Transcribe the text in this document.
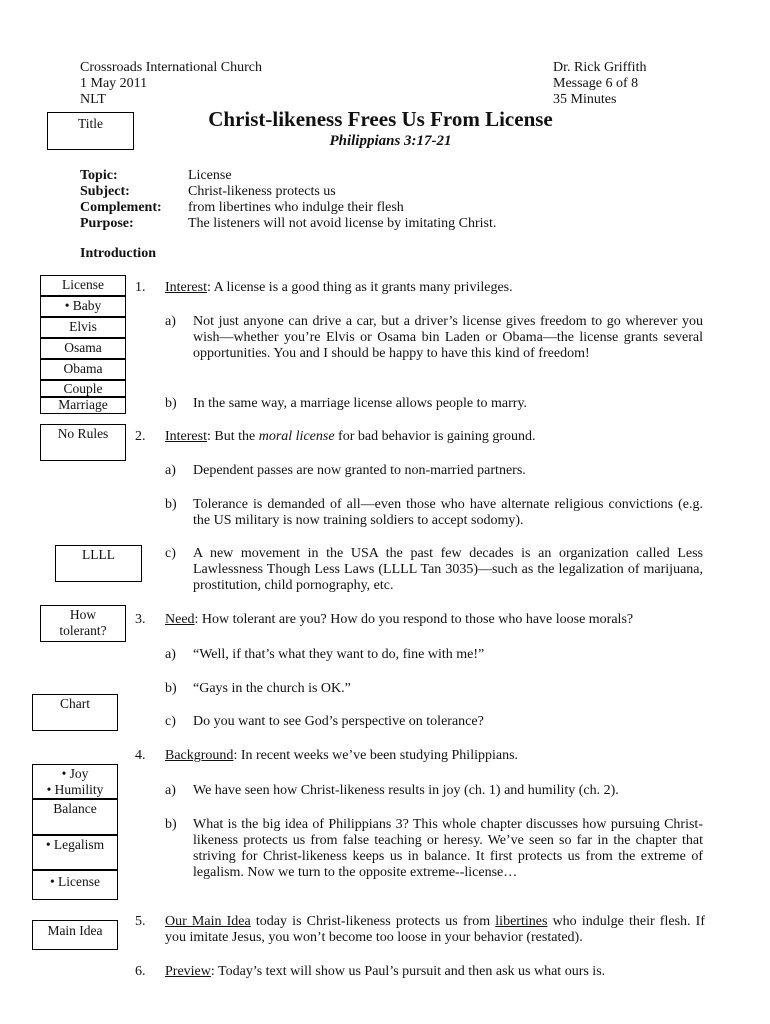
Crossroads International Church
1 May 2011
NLT
Dr. Rick Griffith
Message 6 of 8
35 Minutes
Title	Christ-likeness Frees Us From License
Philippians 3:17-21
Topic:	License
Subject:	Christ-likeness protects us
Complement: from libertines who indulge their flesh
Purpose:	The listeners will not avoid license by imitating Christ.
Introduction
License
• Baby
Elvis
Osama
Obama
Couple
Marriage
No Rules
LLLL
How
tolerant?
Chart
• Joy
• Humility
Balance
• Legalism
• License
Main Idea
1. Interest: A license is a good thing as it grants many privileges.
a) Not just anyone can drive a car, but a driver’s license gives freedom to go wherever you wish—whether you’re Elvis or Osama bin Laden or Obama—the license grants several opportunities. You and I should be happy to have this kind of freedom!
b) In the same way, a marriage license allows people to marry.
2. Interest: But the moral license for bad behavior is gaining ground.
a) Dependent passes are now granted to non-married partners.
b) Tolerance is demanded of all—even those who have alternate religious convictions (e.g. the US military is now training soldiers to accept sodomy).
c) A new movement in the USA the past few decades is an organization called Less Lawlessness Though Less Laws (LLLL Tan 3035)—such as the legalization of marijuana, prostitution, child pornography, etc.
3. Need: How tolerant are you? How do you respond to those who have loose morals?
a) “Well, if that’s what they want to do, fine with me!”
b) “Gays in the church is OK.”
c) Do you want to see God’s perspective on tolerance?
4. Background: In recent weeks we’ve been studying Philippians.
a) We have seen how Christ-likeness results in joy (ch. 1) and humility (ch. 2).
b) What is the big idea of Philippians 3? This whole chapter discusses how pursuing Christ-likeness protects us from false teaching or heresy. We’ve seen so far in the chapter that striving for Christ-likeness keeps us in balance. It first protects us from the extreme of legalism. Now we turn to the opposite extreme--license…
5. Our Main Idea today is Christ-likeness protects us from libertines who indulge their flesh. If you imitate Jesus, you won’t become too loose in your behavior (restated).
6. Preview: Today’s text will show us Paul’s pursuit and then ask us what ours is.
